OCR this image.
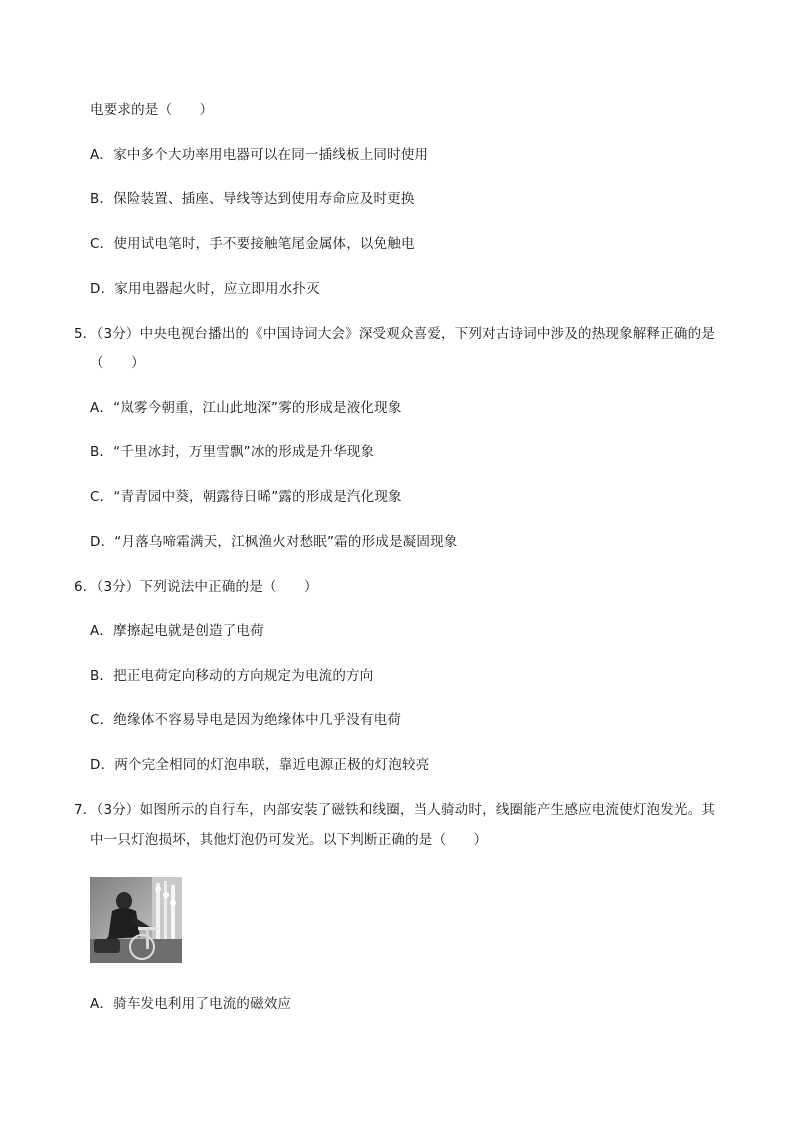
电要求的是（　　）
A．家中多个大功率用电器可以在同一插线板上同时使用
B．保险装置、插座、导线等达到使用寿命应及时更换
C．使用试电笔时，手不要接触笔尾金属体，以免触电
D．家用电器起火时，应立即用水扑灭
5．（3分）中央电视台播出的《中国诗词大会》深受观众喜爱，下列对古诗词中涉及的热现象解释正确的是
（　　）
A．“岚雾今朝重，江山此地深”雾的形成是液化现象
B．“千里冰封，万里雪飘”冰的形成是升华现象
C．“青青园中葵，朝露待日晞”露的形成是汽化现象
D．“月落乌啼霜满天，江枫渔火对愁眠”霜的形成是凝固现象
6．（3分）下列说法中正确的是（　　）
A．摩擦起电就是创造了电荷
B．把正电荷定向移动的方向规定为电流的方向
C．绝缘体不容易导电是因为绝缘体中几乎没有电荷
D．两个完全相同的灯泡串联，靠近电源正极的灯泡较亮
7．（3分）如图所示的自行车，内部安装了磁铁和线圈，当人骑动时，线圈能产生感应电流使灯泡发光。其
中一只灯泡损坏，其他灯泡仍可发光。以下判断正确的是（　　）
A．骑车发电利用了电流的磁效应
